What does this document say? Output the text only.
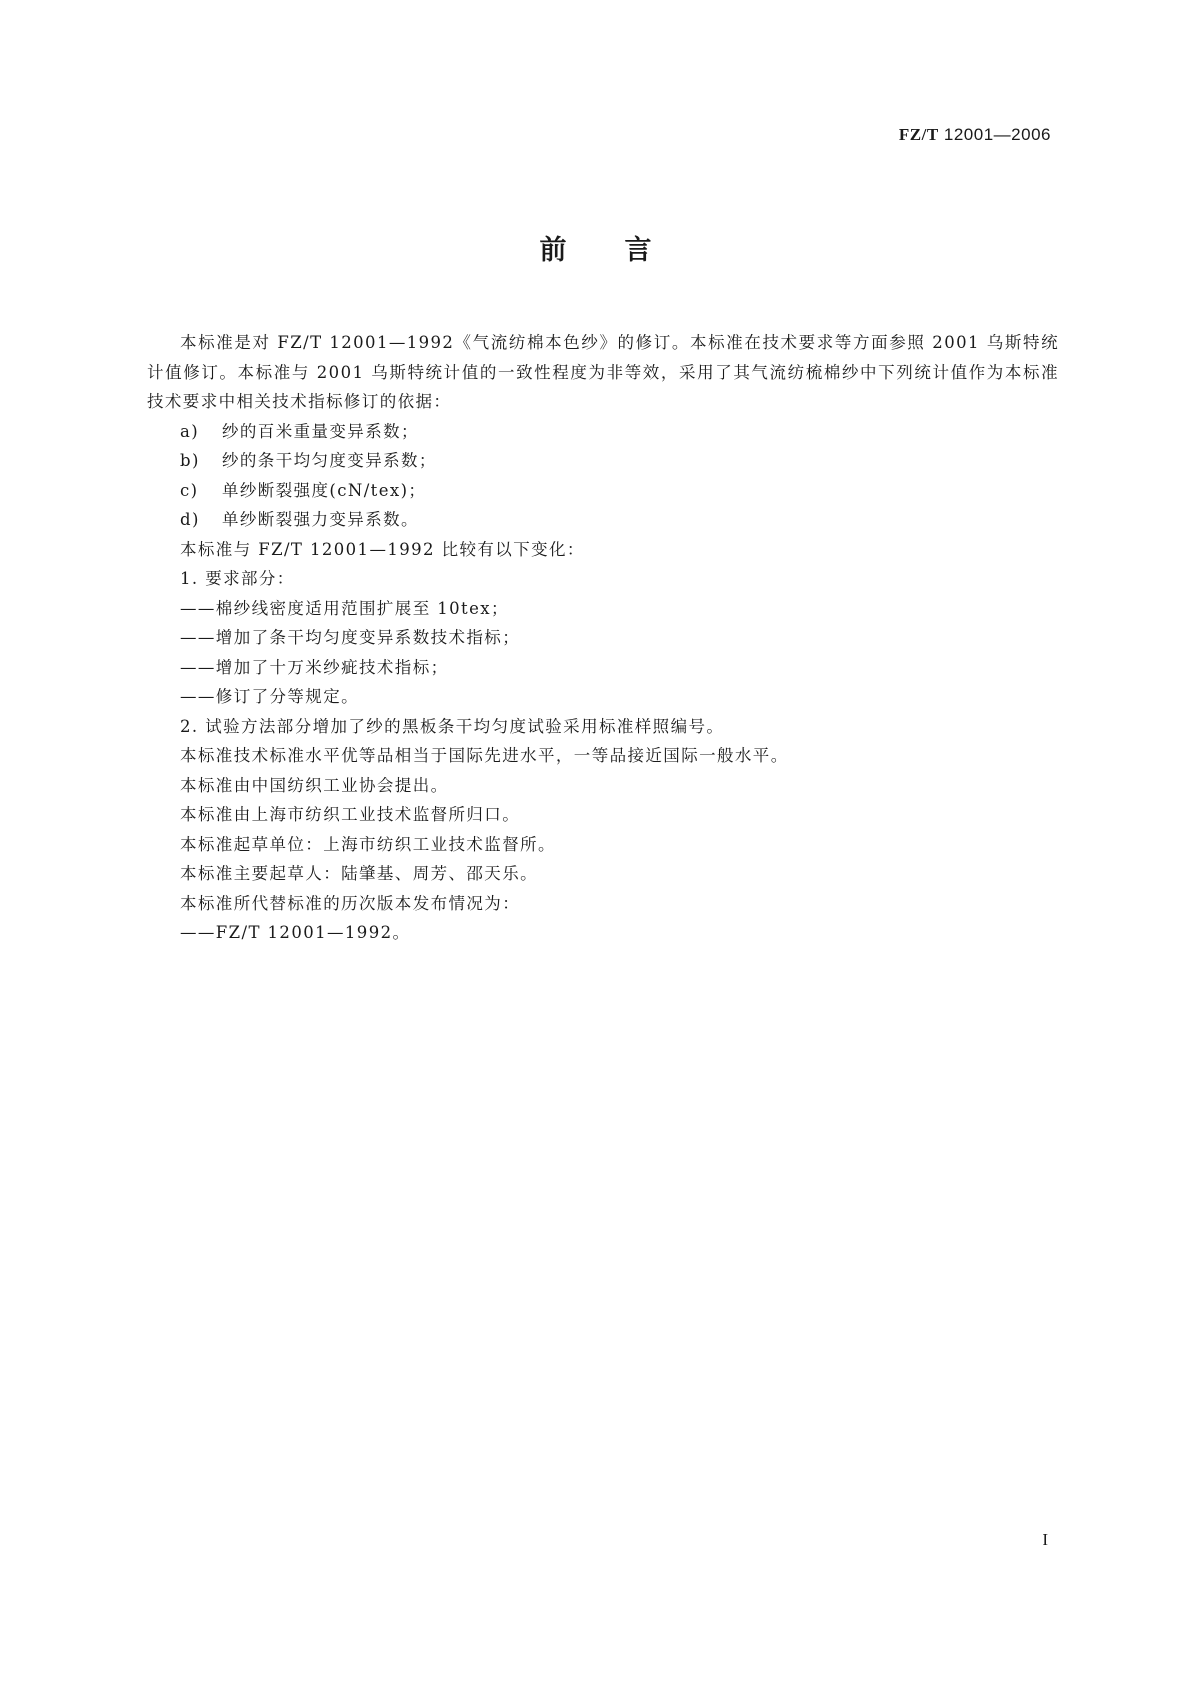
FZ/T 12001—2006
前言

本标准是对 FZ/T 12001—1992《气流纺棉本色纱》的修订。本标准在技术要求等方面参照 2001 乌斯特统计值修订。本标准与 2001 乌斯特统计值的一致性程度为非等效，采用了其气流纺梳棉纱中下列统计值作为本标准技术要求中相关技术指标修订的依据：

a) 纱的百米重量变异系数；

b) 纱的条干均匀度变异系数；

c) 单纱断裂强度(cN/tex)；

d) 单纱断裂强力变异系数。

本标准与 FZ/T 12001—1992 比较有以下变化：

1. 要求部分：

——棉纱线密度适用范围扩展至 10tex；

——增加了条干均匀度变异系数技术指标；

——增加了十万米纱疵技术指标；

——修订了分等规定。

2. 试验方法部分增加了纱的黑板条干均匀度试验采用标准样照编号。

本标准技术标准水平优等品相当于国际先进水平，一等品接近国际一般水平。

本标准由中国纺织工业协会提出。

本标准由上海市纺织工业技术监督所归口。

本标准起草单位：上海市纺织工业技术监督所。

本标准主要起草人：陆肇基、周芳、邵天乐。

本标准所代替标准的历次版本发布情况为：

——FZ/T 12001—1992。

I
